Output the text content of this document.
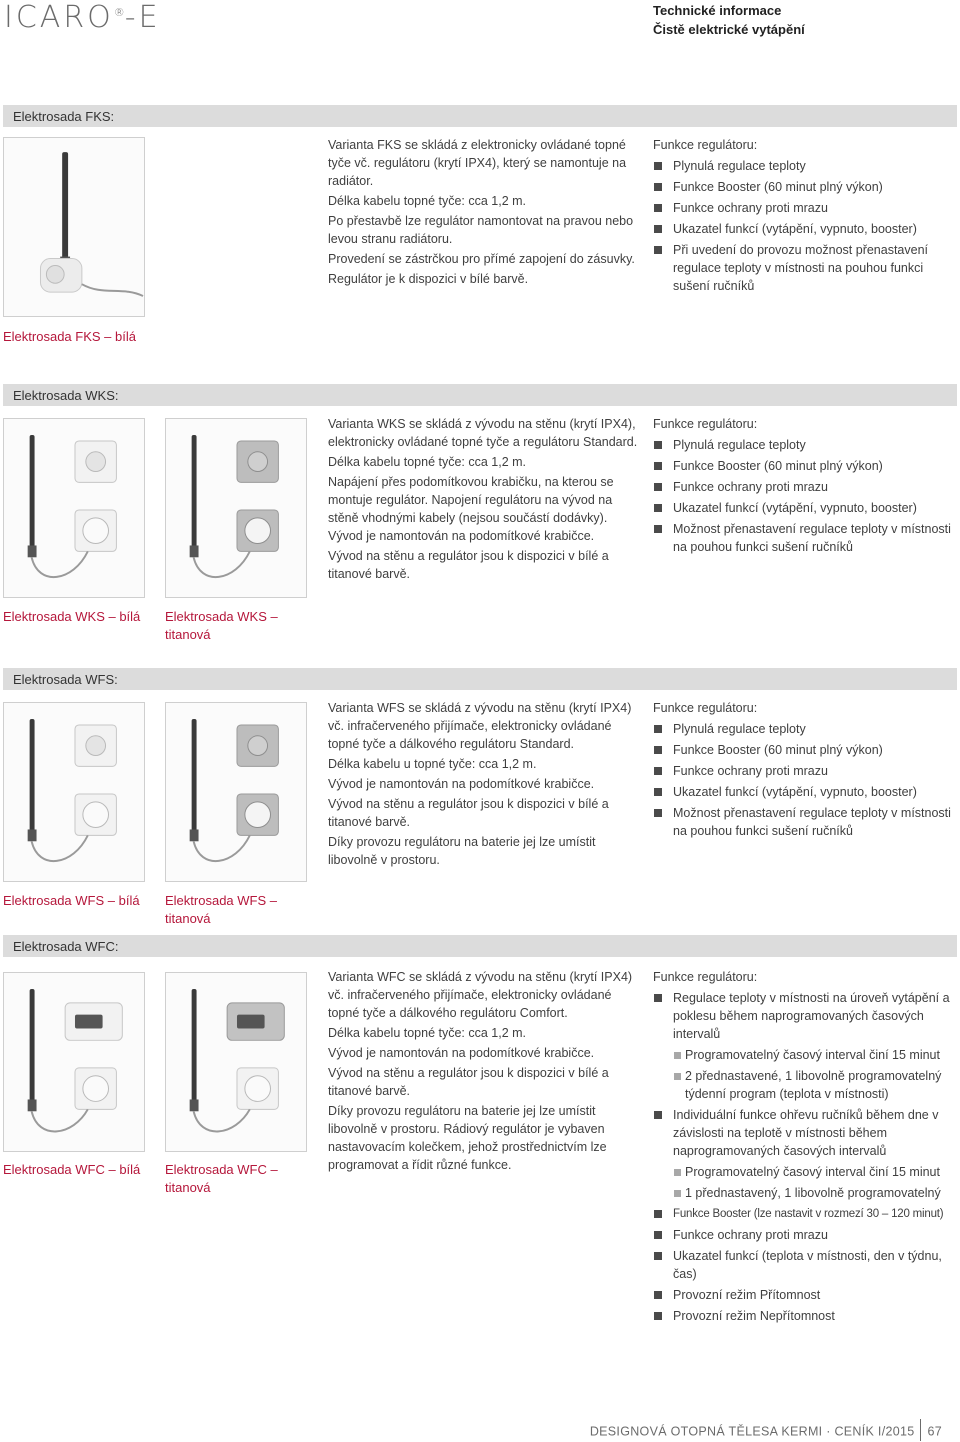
ICARO®-E	Technické informace
Čistě elektrické vytápění
Elektrosada FKS:
Elektrosada FKS – bílá

Varianta FKS se skládá z elektronicky ovládané topné tyče vč. regulátoru (krytí IPX4), který se namontuje na radiátor.

Délka kabelu topné tyče: cca 1,2 m.

Po přestavbě lze regulátor namontovat na pravou nebo levou stranu radiátoru.

Provedení se zástrčkou pro přímé zapojení do zásuvky.

Regulátor je k dispozici v bílé barvě.

Funkce regulátoru:
Plynulá regulace teploty
Funkce Booster (60 minut plný výkon)
Funkce ochrany proti mrazu
Ukazatel funkcí (vytápění, vypnuto, booster)
Při uvedení do provozu možnost přenastavení regulace teploty v místnosti na pouhou funkci sušení ručníků
Elektrosada WKS:
Elektrosada WKS – bílá Elektrosada WKS – titanová

Varianta WKS se skládá z vývodu na stěnu (krytí IPX4), elektronicky ovládané topné tyče a regulátoru Standard.

Délka kabelu topné tyče: cca 1,2 m.

Napájení přes podomítkovou krabičku, na kterou se montuje regulátor. Napojení regulátoru na vývod na stěně vhodnými kabely (nejsou součástí dodávky). Vývod je namontován na podomítkové krabičce.

Vývod na stěnu a regulátor jsou k dispozici v bílé a titanové barvě.

Funkce regulátoru:
Plynulá regulace teploty
Funkce Booster (60 minut plný výkon)
Funkce ochrany proti mrazu
Ukazatel funkcí (vytápění, vypnuto, booster)
Možnost přenastavení regulace teploty v místnosti na pouhou funkci sušení ručníků
Elektrosada WFS:
Elektrosada WFS – bílá Elektrosada WFS – titanová

Varianta WFS se skládá z vývodu na stěnu (krytí IPX4) vč. infračerveného přijímače, elektronicky ovládané topné tyče a dálkového regulátoru Standard.

Délka kabelu u topné tyče: cca 1,2 m.

Vývod je namontován na podomítkové krabičce.

Vývod na stěnu a regulátor jsou k dispozici v bílé a titanové barvě.

Díky provozu regulátoru na baterie jej lze umístit libovolně v prostoru.

Funkce regulátoru:
Plynulá regulace teploty
Funkce Booster (60 minut plný výkon)
Funkce ochrany proti mrazu
Ukazatel funkcí (vytápění, vypnuto, booster)
Možnost přenastavení regulace teploty v místnosti na pouhou funkci sušení ručníků
Elektrosada WFC:
Elektrosada WFC – bílá Elektrosada WFC – titanová

Varianta WFC se skládá z vývodu na stěnu (krytí IPX4) vč. infračerveného přijímače, elektronicky ovládané topné tyče a dálkového regulátoru Comfort.

Délka kabelu topné tyče: cca 1,2 m.

Vývod je namontován na podomítkové krabičce.

Vývod na stěnu a regulátor jsou k dispozici v bílé a titanové barvě.

Díky provozu regulátoru na baterie jej lze umístit libovolně v prostoru. Rádiový regulátor je vybaven nastavovacím kolečkem, jehož prostřednictvím lze programovat a řídit různé funkce.

Funkce regulátoru:
Regulace teploty v místnosti na úroveň vytápění a poklesu během naprogramovaných časových intervalů
Programovatelný časový interval činí 15 minut
2 přednastavené, 1 libovolně programovatelný týdenní program (teplota v místnosti)
Individuální funkce ohřevu ručníků během dne v závislosti na teplotě v místnosti během naprogramovaných časových intervalů
Programovatelný časový interval činí 15 minut
1 přednastavený, 1 libovolně programovatelný
Funkce Booster (lze nastavit v rozmezí 30 – 120 minut)
Funkce ochrany proti mrazu
Ukazatel funkcí (teplota v místnosti, den v týdnu, čas)
Provozní režim Přítomnost
Provozní režim Nepřítomnost
DESIGNOVÁ OTOPNÁ TĚLESA KERMI · CENÍK I/2015 67
